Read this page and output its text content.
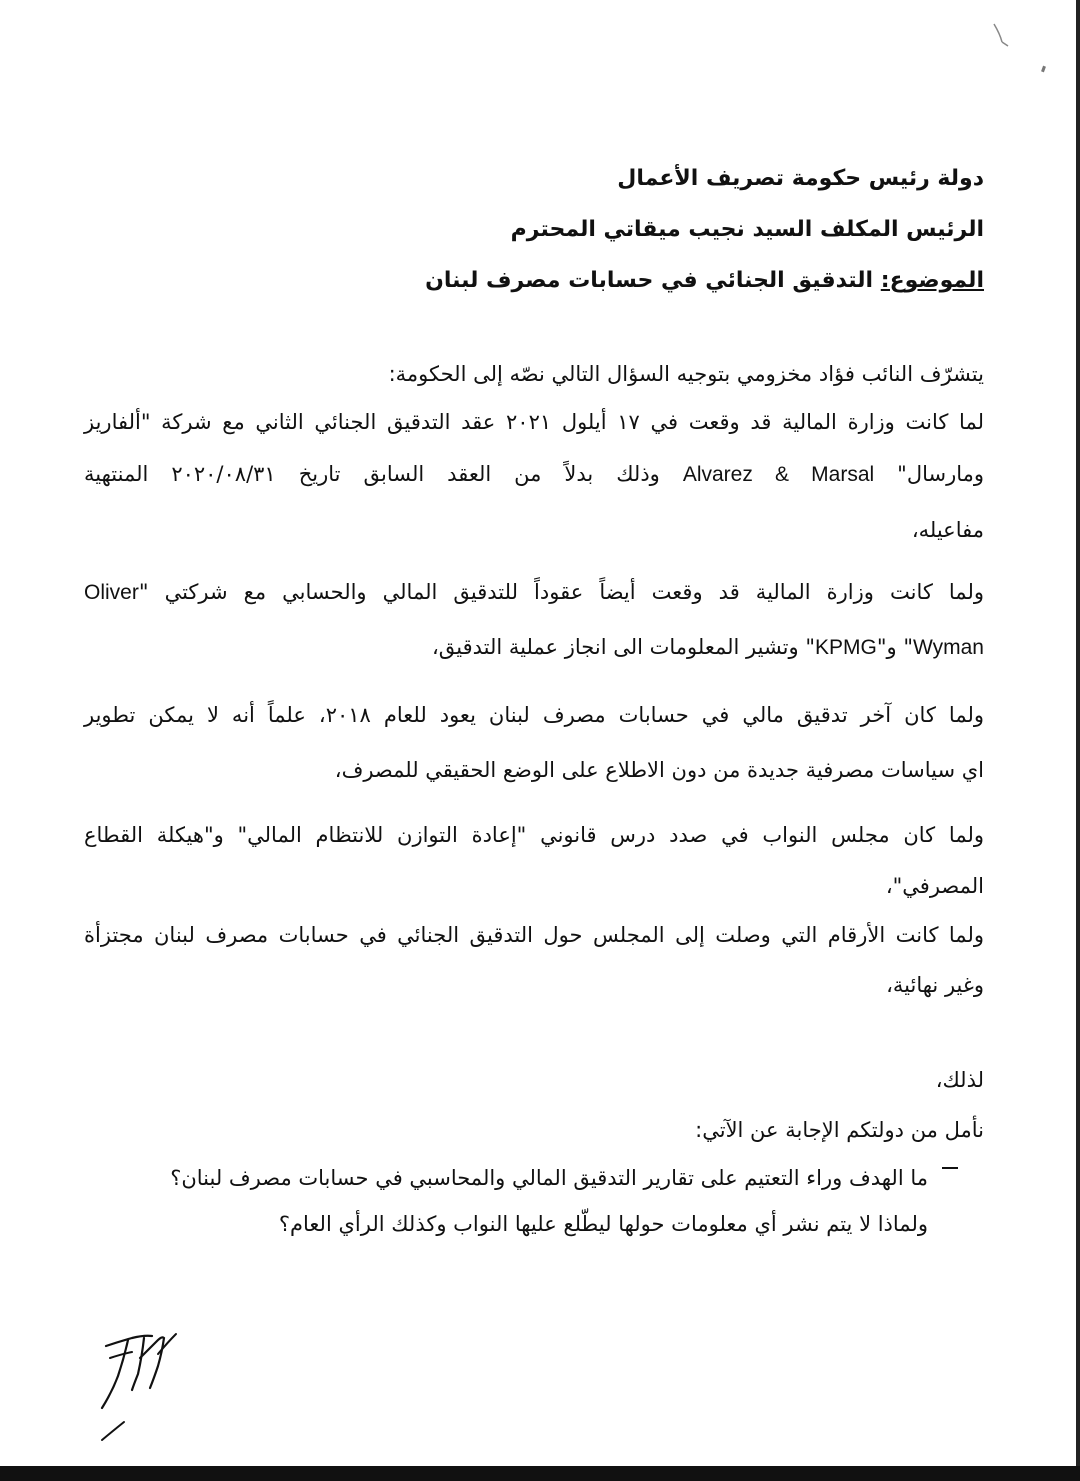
دولة رئيس حكومة تصريف الأعمال
الرئيس المكلف السيد نجيب ميقاتي المحترم
الموضوع: التدقيق الجنائي في حسابات مصرف لبنان
يتشرّف النائب فؤاد مخزومي بتوجيه السؤال التالي نصّه إلى الحكومة:
لما كانت وزارة المالية قد وقعت في ١٧ أيلول ٢٠٢١ عقد التدقيق الجنائي الثاني مع شركة "ألفاريز
ومارسال" Alvarez & Marsal وذلك بدلاً من العقد السابق تاريخ ٢٠٢٠/٠٨/٣١ المنتهية
مفاعيله،
ولما كانت وزارة المالية قد وقعت أيضاً عقوداً للتدقيق المالي والحسابي مع شركتي "Oliver
Wyman" و"KPMG" وتشير المعلومات الى انجاز عملية التدقيق،
ولما كان آخر تدقيق مالي في حسابات مصرف لبنان يعود للعام ٢٠١٨، علماً أنه لا يمكن تطوير
اي سياسات مصرفية جديدة من دون الاطلاع على الوضع الحقيقي للمصرف،
ولما كان مجلس النواب في صدد درس قانوني "إعادة التوازن للانتظام المالي" و"هيكلة القطاع
المصرفي"،
ولما كانت الأرقام التي وصلت إلى المجلس حول التدقيق الجنائي في حسابات مصرف لبنان مجتزأة
وغير نهائية،
لذلك،
نأمل من دولتكم الإجابة عن الآتي:
ما الهدف وراء التعتيم على تقارير التدقيق المالي والمحاسبي في حسابات مصرف لبنان؟
ولماذا لا يتم نشر أي معلومات حولها ليطّلع عليها النواب وكذلك الرأي العام؟
